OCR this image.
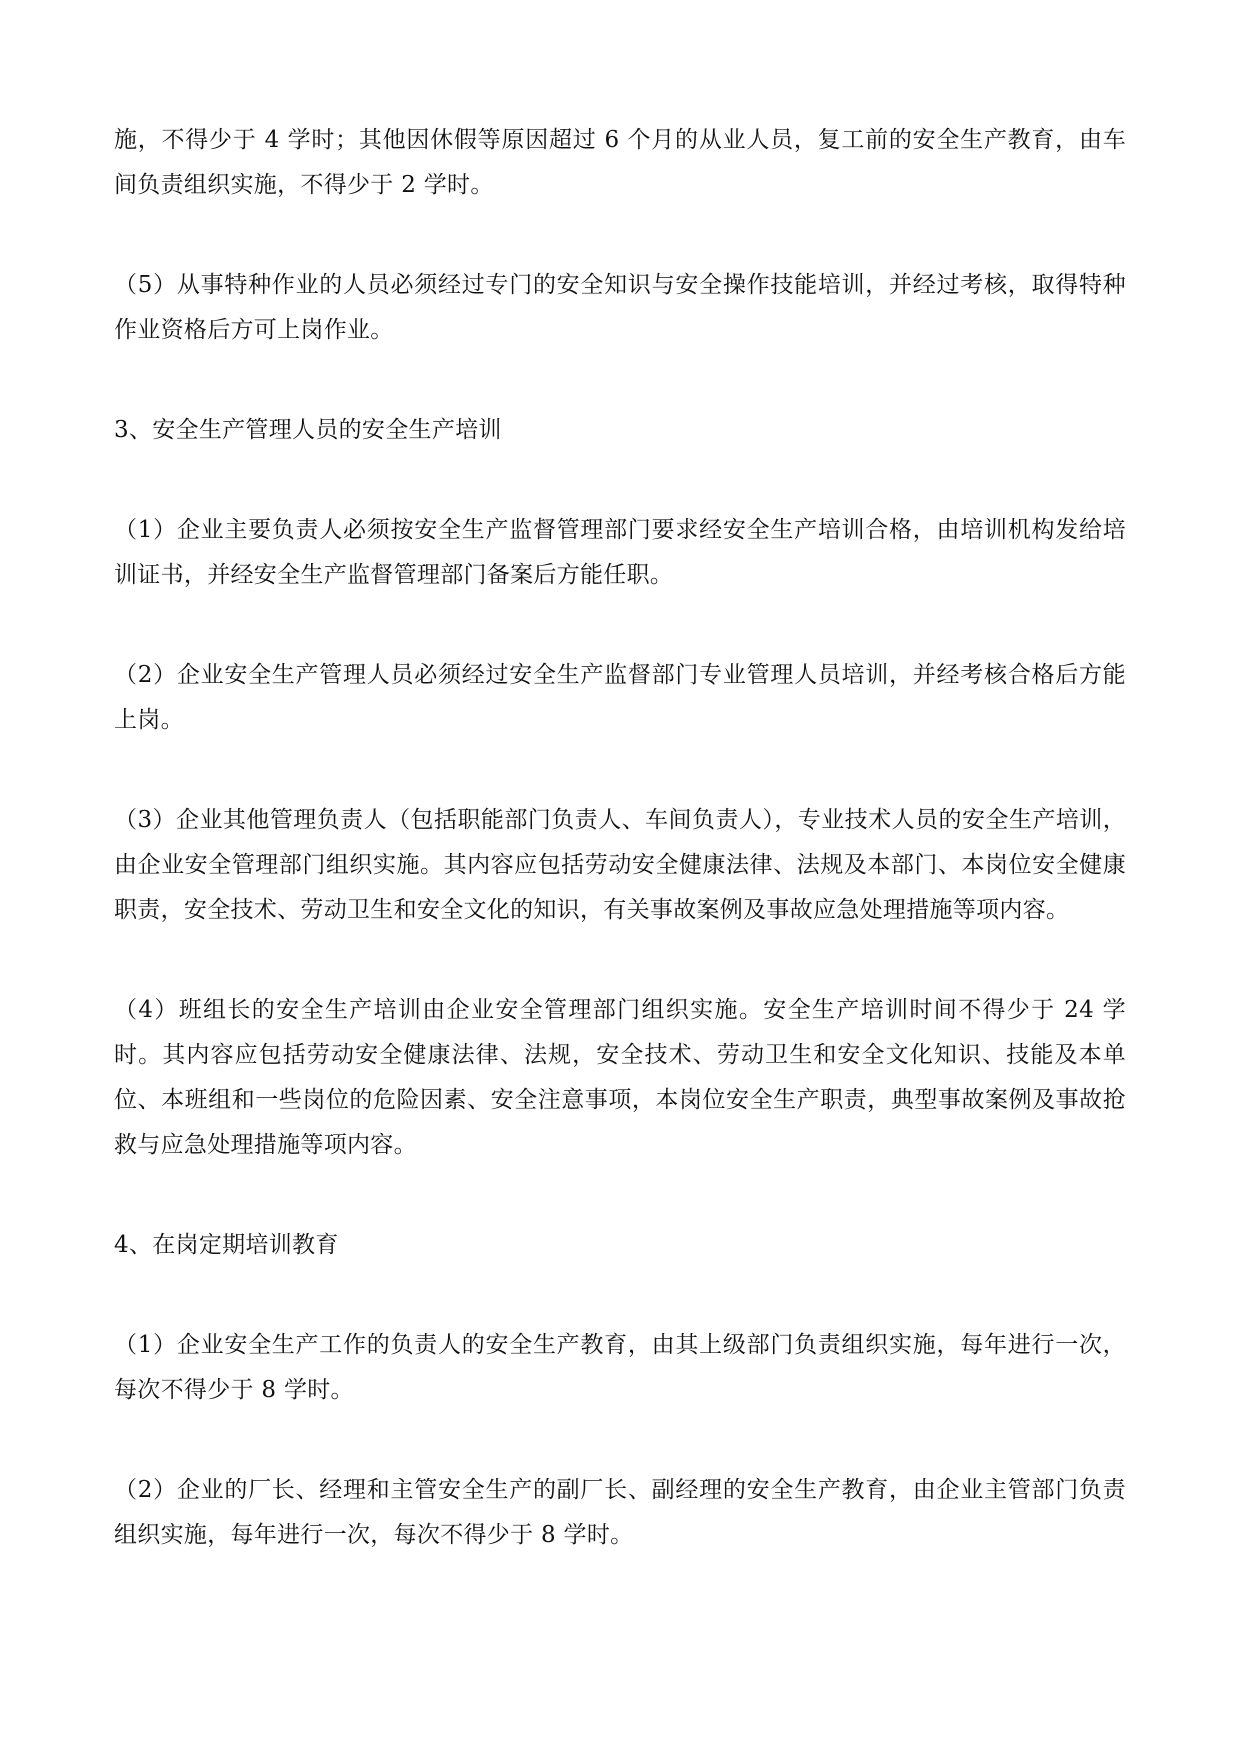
施，不得少于 4 学时；其他因休假等原因超过 6 个月的从业人员，复工前的安全生产教育，由车间负责组织实施，不得少于 2 学时。

（5）从事特种作业的人员必须经过专门的安全知识与安全操作技能培训，并经过考核，取得特种作业资格后方可上岗作业。

3、安全生产管理人员的安全生产培训

（1）企业主要负责人必须按安全生产监督管理部门要求经安全生产培训合格，由培训机构发给培训证书，并经安全生产监督管理部门备案后方能任职。

（2）企业安全生产管理人员必须经过安全生产监督部门专业管理人员培训，并经考核合格后方能上岗。

（3）企业其他管理负责人（包括职能部门负责人、车间负责人），专业技术人员的安全生产培训，由企业安全管理部门组织实施。其内容应包括劳动安全健康法律、法规及本部门、本岗位安全健康职责，安全技术、劳动卫生和安全文化的知识，有关事故案例及事故应急处理措施等项内容。

（4）班组长的安全生产培训由企业安全管理部门组织实施。安全生产培训时间不得少于 24 学时。其内容应包括劳动安全健康法律、法规，安全技术、劳动卫生和安全文化知识、技能及本单位、本班组和一些岗位的危险因素、安全注意事项，本岗位安全生产职责，典型事故案例及事故抢救与应急处理措施等项内容。

4、在岗定期培训教育

（1）企业安全生产工作的负责人的安全生产教育，由其上级部门负责组织实施，每年进行一次，每次不得少于 8 学时。

（2）企业的厂长、经理和主管安全生产的副厂长、副经理的安全生产教育，由企业主管部门负责组织实施，每年进行一次，每次不得少于 8 学时。
